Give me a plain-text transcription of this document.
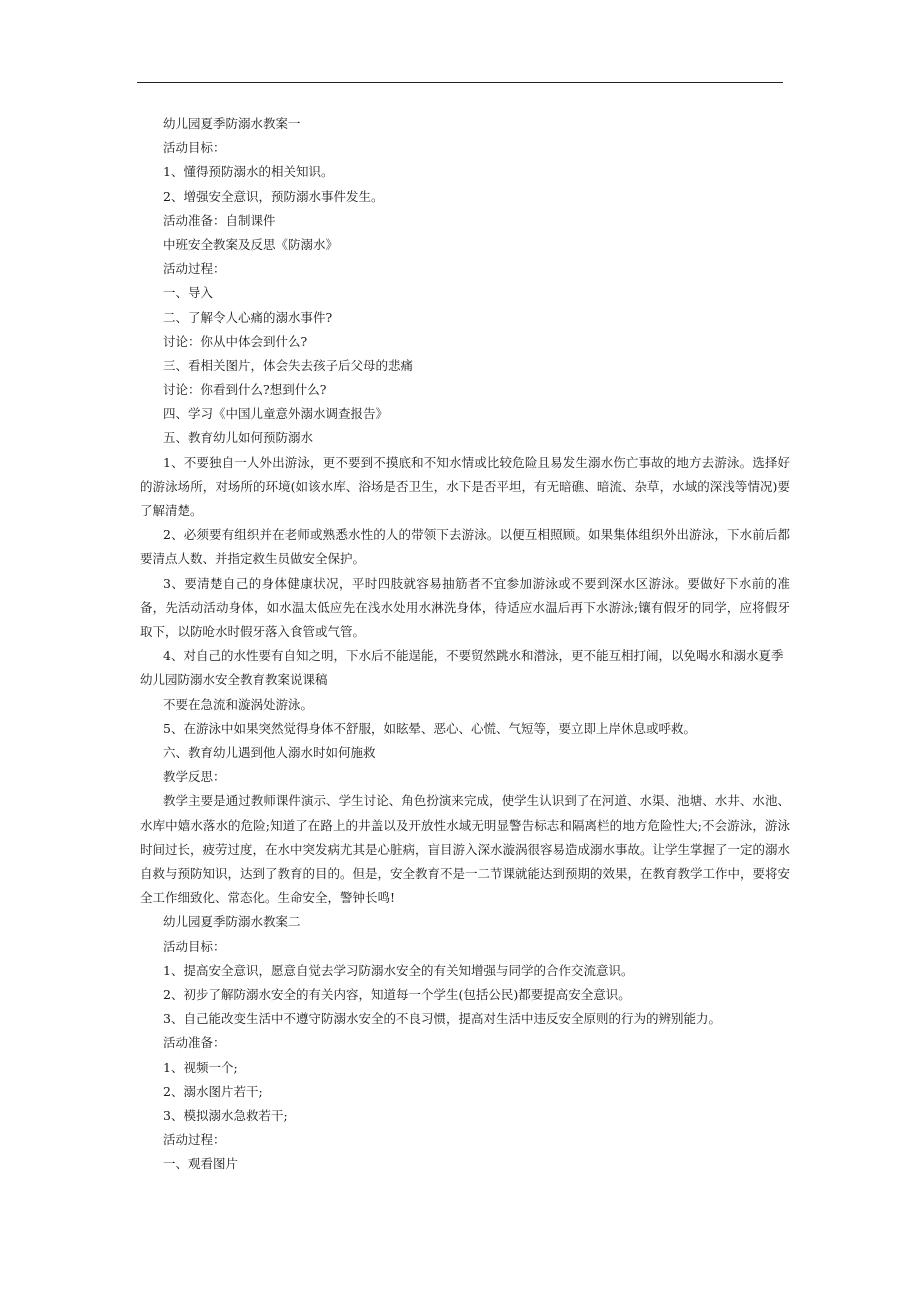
幼儿园夏季防溺水教案一
活动目标：
1、懂得预防溺水的相关知识。
2、增强安全意识，预防溺水事件发生。
活动准备：自制课件
中班安全教案及反思《防溺水》
活动过程：
一、导入
二、了解令人心痛的溺水事件?
讨论：你从中体会到什么?
三、看相关图片，体会失去孩子后父母的悲痛
讨论：你看到什么?想到什么?
四、学习《中国儿童意外溺水调查报告》
五、教育幼儿如何预防溺水
1、不要独自一人外出游泳，更不要到不摸底和不知水情或比较危险且易发生溺水伤亡事故的地方去游泳。选择好的游泳场所，对场所的环境(如该水库、浴场是否卫生，水下是否平坦，有无暗礁、暗流、杂草，水域的深浅等情况)要了解清楚。
2、必须要有组织并在老师或熟悉水性的人的带领下去游泳。以便互相照顾。如果集体组织外出游泳，下水前后都要清点人数、并指定救生员做安全保护。
3、要清楚自己的身体健康状况，平时四肢就容易抽筋者不宜参加游泳或不要到深水区游泳。要做好下水前的准备，先活动活动身体，如水温太低应先在浅水处用水淋洗身体，待适应水温后再下水游泳;镶有假牙的同学，应将假牙取下，以防呛水时假牙落入食管或气管。
4、对自己的水性要有自知之明，下水后不能逞能，不要贸然跳水和潜泳，更不能互相打闹，以免喝水和溺水夏季
幼儿园防溺水安全教育教案说课稿
不要在急流和漩涡处游泳。
5、在游泳中如果突然觉得身体不舒服，如眩晕、恶心、心慌、气短等，要立即上岸休息或呼救。
六、教育幼儿遇到他人溺水时如何施救
教学反思：
教学主要是通过教师课件演示、学生讨论、角色扮演来完成，使学生认识到了在河道、水渠、池塘、水井、水池、水库中嬉水落水的危险;知道了在路上的井盖以及开放性水域无明显警告标志和隔离栏的地方危险性大;不会游泳，游泳时间过长，疲劳过度，在水中突发病尤其是心脏病，盲目游入深水漩涡很容易造成溺水事故。让学生掌握了一定的溺水自救与预防知识，达到了教育的目的。但是，安全教育不是一二节课就能达到预期的效果，在教育教学工作中，要将安全工作细致化、常态化。生命安全，警钟长鸣!
幼儿园夏季防溺水教案二
活动目标：
1、提高安全意识，愿意自觉去学习防溺水安全的有关知增强与同学的合作交流意识。
2、初步了解防溺水安全的有关内容，知道每一个学生(包括公民)都要提高安全意识。
3、自己能改变生活中不遵守防溺水安全的不良习惯，提高对生活中违反安全原则的行为的辨别能力。
活动准备：
1、视频一个;
2、溺水图片若干;
3、模拟溺水急救若干;
活动过程：
一、观看图片
